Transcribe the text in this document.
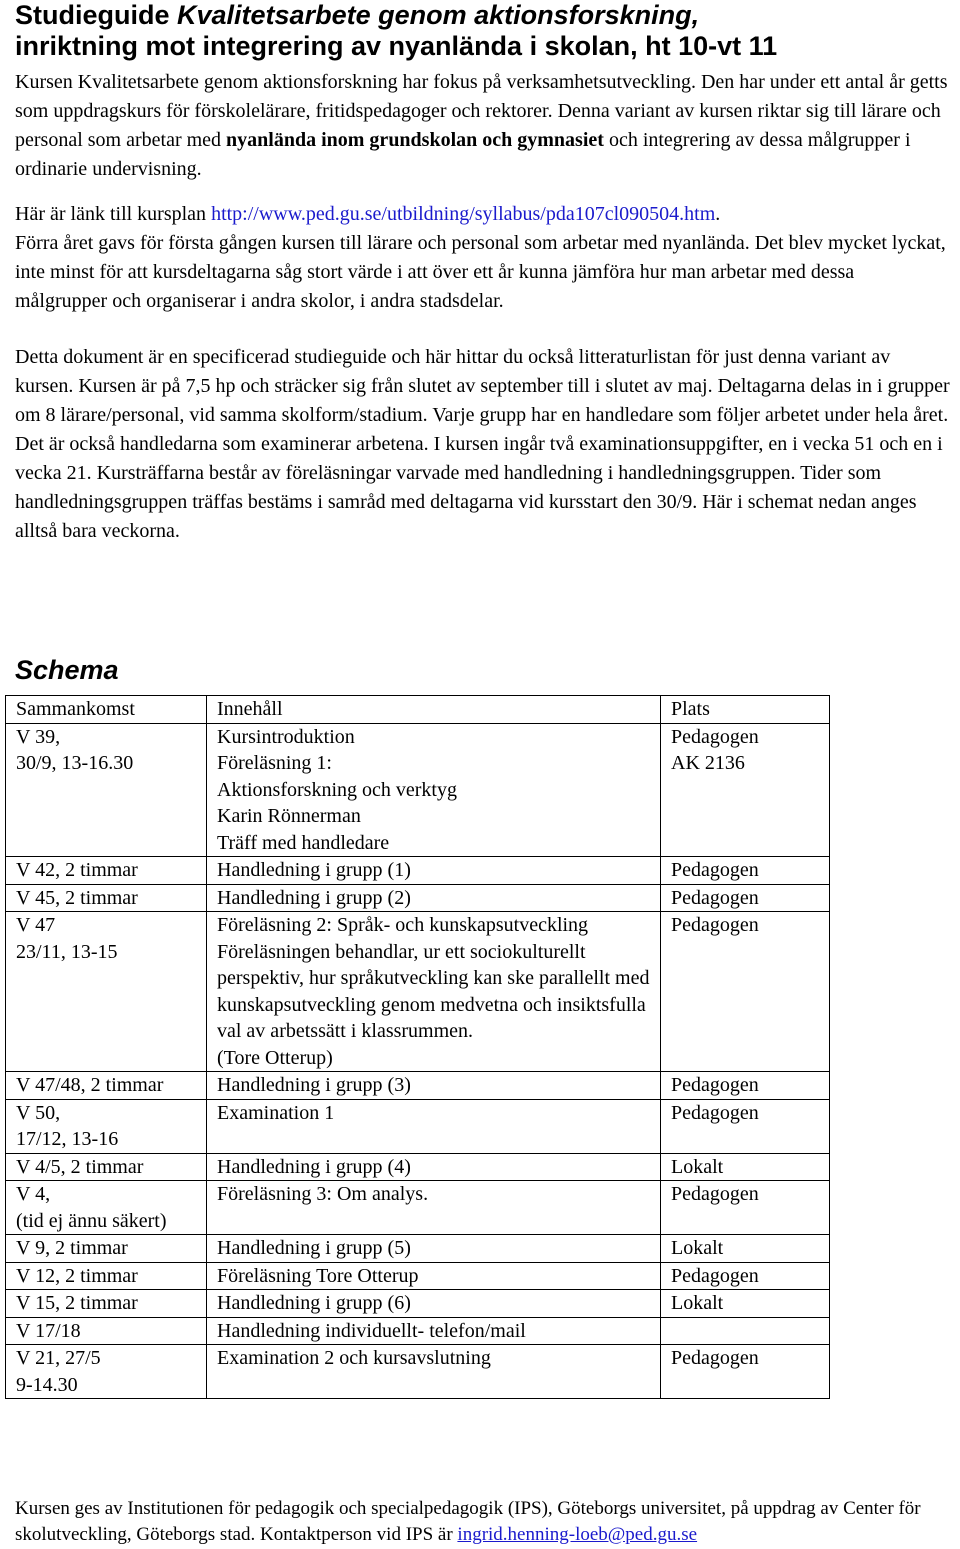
Studieguide Kvalitetsarbete genom aktionsforskning,
inriktning mot integrering av nyanlända i skolan, ht 10-vt 11

Kursen Kvalitetsarbete genom aktionsforskning har fokus på verksamhetsutveckling. Den har under ett antal år getts som uppdragskurs för förskolelärare, fritidspedagoger och rektorer. Denna variant av kursen riktar sig till lärare och personal som arbetar med nyanlända inom grundskolan och gymnasiet och integrering av dessa målgrupper i ordinarie undervisning.

Här är länk till kursplan http://www.ped.gu.se/utbildning/syllabus/pda107cl090504.htm.

Förra året gavs för första gången kursen till lärare och personal som arbetar med nyanlända. Det blev mycket lyckat, inte minst för att kursdeltagarna såg stort värde i att över ett år kunna jämföra hur man arbetar med dessa målgrupper och organiserar i andra skolor, i andra stadsdelar.

Detta dokument är en specificerad studieguide och här hittar du också litteraturlistan för just denna variant av kursen. Kursen är på 7,5 hp och sträcker sig från slutet av september till i slutet av maj. Deltagarna delas in i grupper om 8 lärare/personal, vid samma skolform/stadium. Varje grupp har en handledare som följer arbetet under hela året. Det är också handledarna som examinerar arbetena. I kursen ingår två examinationsuppgifter, en i vecka 51 och en i vecka 21. Kursträffarna består av föreläsningar varvade med handledning i handledningsgruppen. Tider som handledningsgruppen träffas bestäms i samråd med deltagarna vid kursstart den 30/9. Här i schemat nedan anges alltså bara veckorna.

Schema
Sammankomst	Innehåll	Plats
V 39,
30/9, 13-16.30	Kursintroduktion
Föreläsning 1:
Aktionsforskning och verktyg
Karin Rönnerman
Träff med handledare	Pedagogen
AK 2136
V 42, 2 timmar	Handledning i grupp (1)	Pedagogen
V 45, 2 timmar	Handledning i grupp (2)	Pedagogen
V 47
23/11, 13-15	Föreläsning 2: Språk- och kunskapsutveckling
Föreläsningen behandlar, ur ett sociokulturellt perspektiv, hur språkutveckling kan ske parallellt med kunskapsutveckling genom medvetna och insiktsfulla val av arbetssätt i klassrummen.
(Tore Otterup)	Pedagogen
V 47/48, 2 timmar	Handledning i grupp (3)	Pedagogen
V 50,
17/12, 13-16	Examination 1	Pedagogen
V 4/5, 2 timmar	Handledning i grupp (4)	Lokalt
V 4,
(tid ej ännu säkert)	Föreläsning 3: Om analys.	Pedagogen
V 9, 2 timmar	Handledning i grupp (5)	Lokalt
V 12, 2 timmar	Föreläsning Tore Otterup	Pedagogen
V 15, 2 timmar	Handledning i grupp (6)	Lokalt
V 17/18	Handledning individuellt- telefon/mail	
V 21, 27/5
9-14.30	Examination 2 och kursavslutning	Pedagogen
Kursen ges av Institutionen för pedagogik och specialpedagogik (IPS), Göteborgs universitet, på uppdrag av Center för skolutveckling, Göteborgs stad. Kontaktperson vid IPS är ingrid.henning-loeb@ped.gu.se
